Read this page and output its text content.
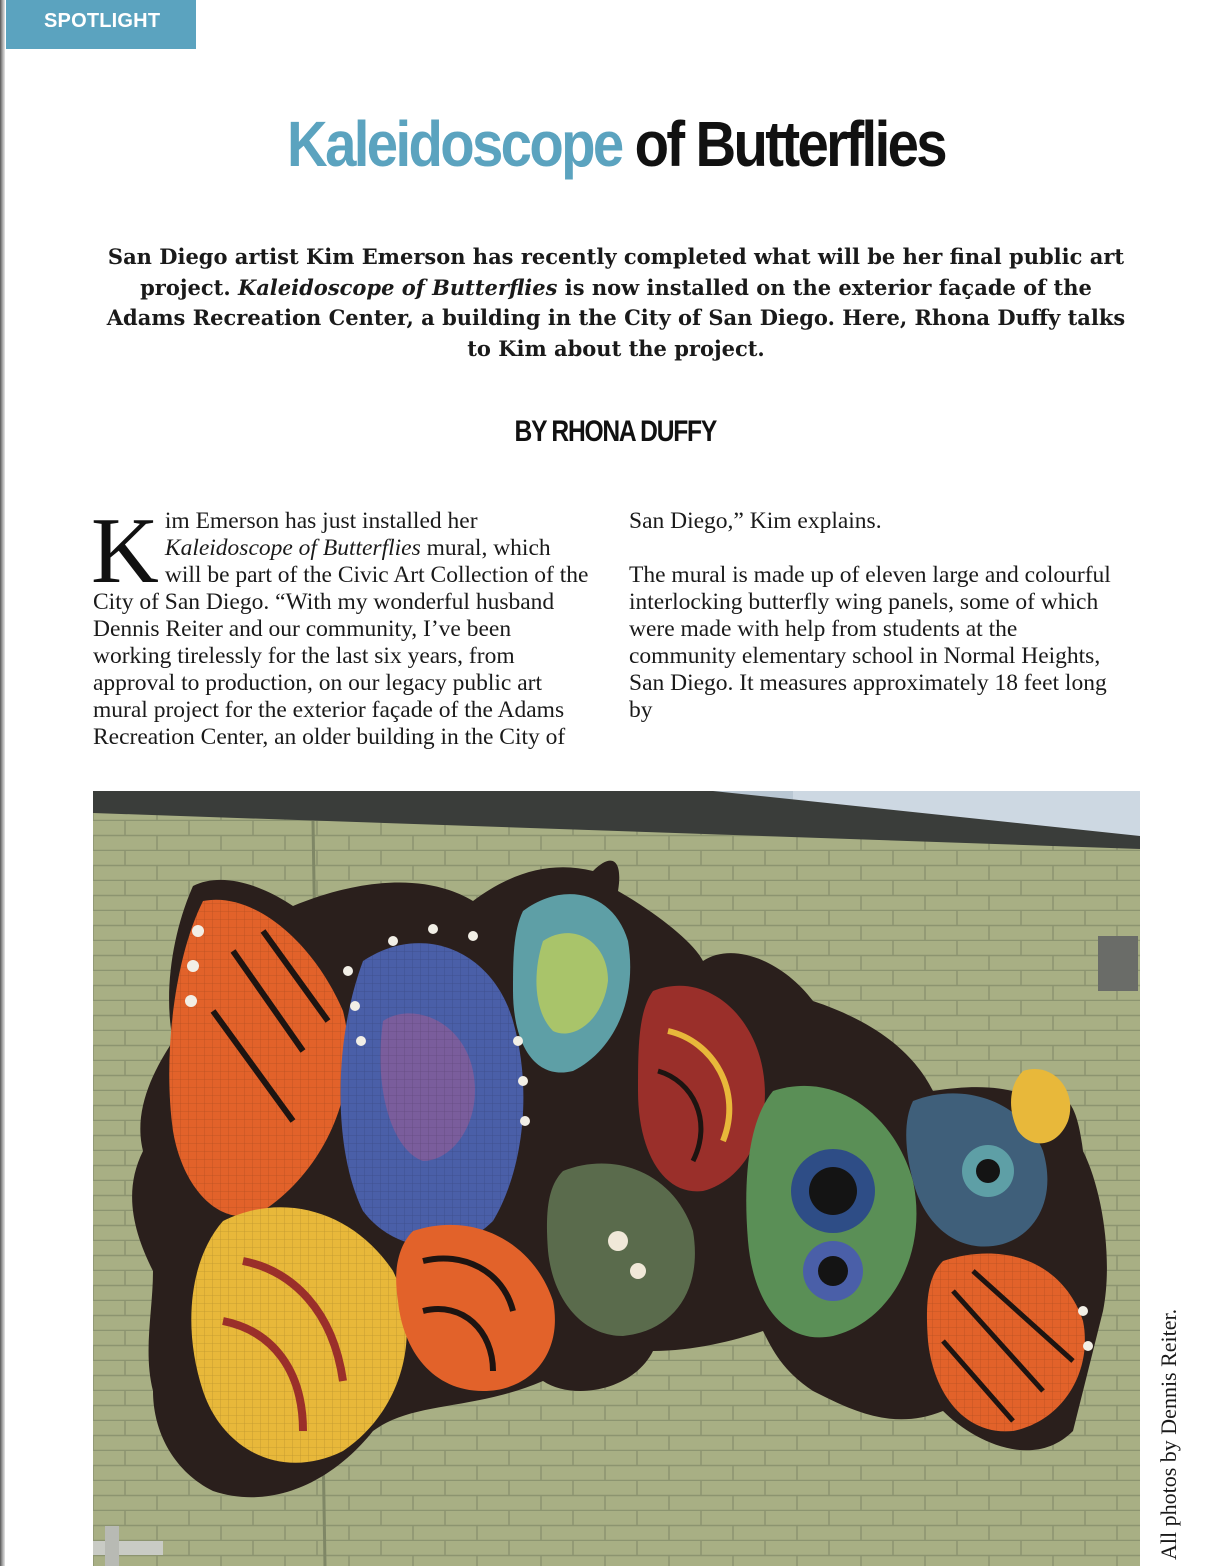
SPOTLIGHT
Kaleidoscope of Butterflies
San Diego artist Kim Emerson has recently completed what will be her final public art project. Kaleidoscope of Butterflies is now installed on the exterior façade of the Adams Recreation Center, a building in the City of San Diego. Here, Rhona Duffy talks to Kim about the project.
BY RHONA DUFFY

Kim Emerson has just installed her Kaleidoscope of Butterflies mural, which will be part of the Civic Art Collection of the City of San Diego. “With my wonderful husband Dennis Reiter and our community, I’ve been working tirelessly for the last six years, from approval to production, on our legacy public art mural project for the exterior façade of the Adams Recreation Center, an older building in the City of

San Diego,” Kim explains.

The mural is made up of eleven large and colourful interlocking butterfly wing panels, some of which were made with help from students at the community elementary school in Normal Heights, San Diego. It measures approximately 18 feet long by

All photos by Dennis Reiter.
